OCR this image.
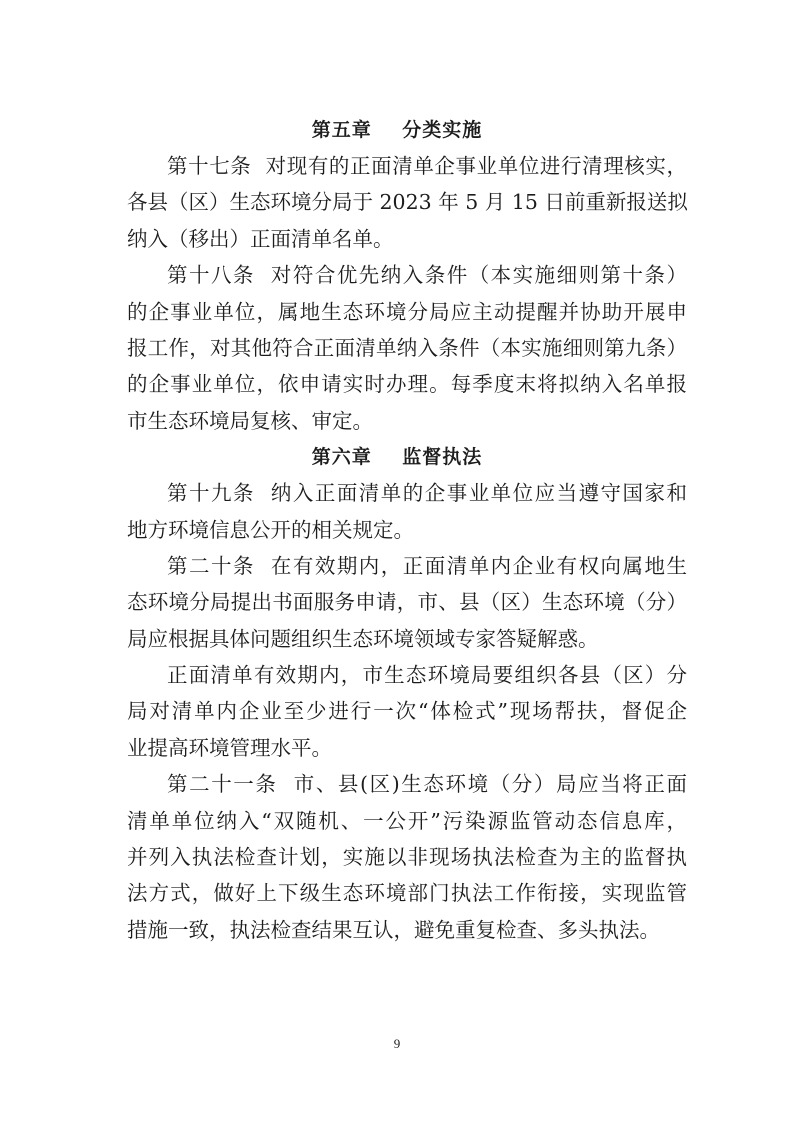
第五章    分类实施
第十七条  对现有的正面清单企事业单位进行清理核实，
各县（区）生态环境分局于 2023 年 5 月 15 日前重新报送拟
纳入（移出）正面清单名单。
第十八条  对符合优先纳入条件（本实施细则第十条）
的企事业单位，属地生态环境分局应主动提醒并协助开展申
报工作，对其他符合正面清单纳入条件（本实施细则第九条）
的企事业单位，依申请实时办理。每季度末将拟纳入名单报
市生态环境局复核、审定。
第六章    监督执法
第十九条  纳入正面清单的企事业单位应当遵守国家和
地方环境信息公开的相关规定。
第二十条  在有效期内，正面清单内企业有权向属地生
态环境分局提出书面服务申请，市、县（区）生态环境（分）
局应根据具体问题组织生态环境领域专家答疑解惑。
正面清单有效期内，市生态环境局要组织各县（区）分
局对清单内企业至少进行一次“体检式”现场帮扶，督促企
业提高环境管理水平。
第二十一条  市、县(区)生态环境（分）局应当将正面
清单单位纳入“双随机、一公开”污染源监管动态信息库，
并列入执法检查计划，实施以非现场执法检查为主的监督执
法方式，做好上下级生态环境部门执法工作衔接，实现监管
措施一致，执法检查结果互认，避免重复检查、多头执法。
9
